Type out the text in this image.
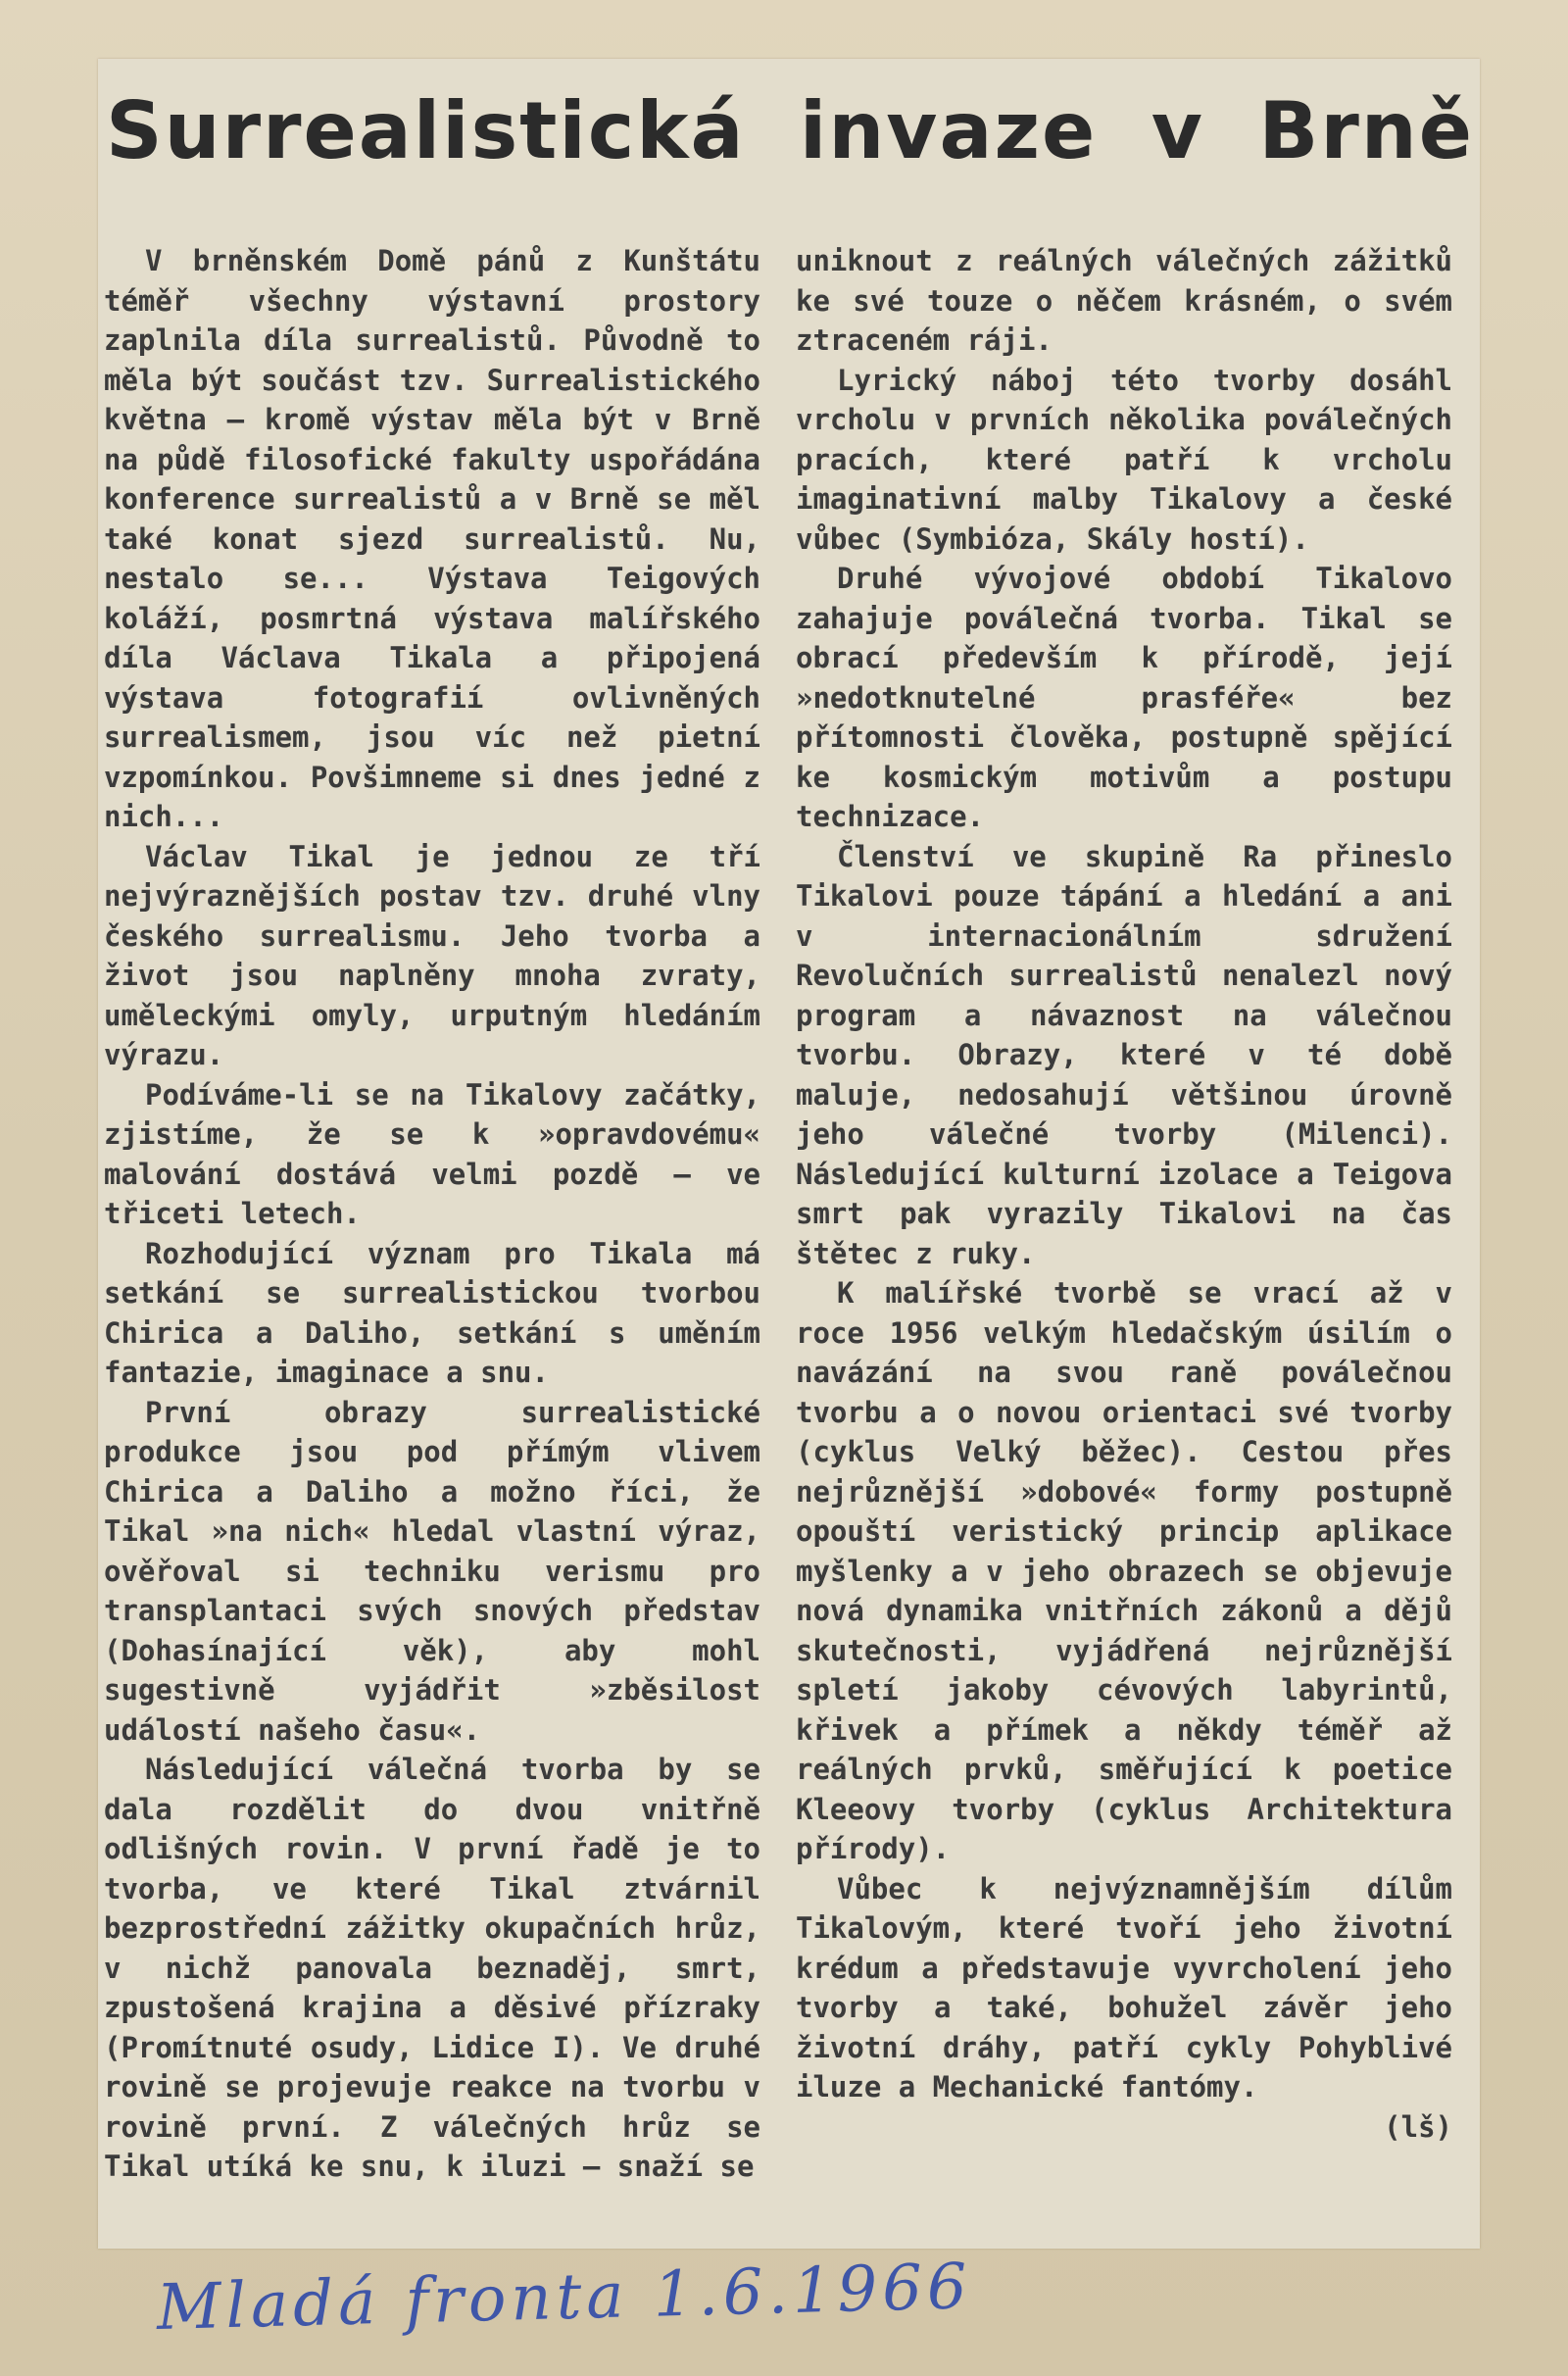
Surrealistická invaze v Brně

V brněnském Domě pánů z Kunštátu téměř všechny výstavní prostory zaplnila díla surrealistů. Původně to měla být součást tzv. Surrealistického května — kromě výstav měla být v Brně na půdě filosofické fakulty uspořádána konference surrealistů a v Brně se měl také konat sjezd surrealistů. Nu, nestalo se... Výstava Teigových koláží, posmrtná výstava malířského díla Václava Tikala a připojená výstava fotografií ovlivněných surrealismem, jsou víc než pietní vzpomínkou. Povšimneme si dnes jedné z nich...

Václav Tikal je jednou ze tří nejvýraznějších postav tzv. druhé vlny českého surrealismu. Jeho tvorba a život jsou naplněny mnoha zvraty, uměleckými omyly, urputným hledáním výrazu.

Podíváme-li se na Tikalovy začátky, zjistíme, že se k »opravdovému« malování dostává velmi pozdě — ve třiceti letech.

Rozhodující význam pro Tikala má setkání se surrealistickou tvorbou Chirica a Daliho, setkání s uměním fantazie, imaginace a snu.

První obrazy surrealistické produkce jsou pod přímým vlivem Chirica a Daliho a možno říci, že Tikal »na nich« hledal vlastní výraz, ověřoval si techniku verismu pro transplantaci svých snových představ (Dohasínající věk), aby mohl sugestivně vyjádřit »zběsilost událostí našeho času«.

Následující válečná tvorba by se dala rozdělit do dvou vnitřně odlišných rovin. V první řadě je to tvorba, ve které Tikal ztvárnil bezprostřední zážitky okupačních hrůz, v nichž panovala beznaděj, smrt, zpustošená krajina a děsivé přízraky (Promítnuté osudy, Lidice I). Ve druhé rovině se projevuje reakce na tvorbu v rovině první. Z válečných hrůz se Tikal utíká ke snu, k iluzi — snaží se

uniknout z reálných válečných zážitků ke své touze o něčem krásném, o svém ztraceném ráji.

Lyrický náboj této tvorby dosáhl vrcholu v prvních několika poválečných pracích, které patří k vrcholu imaginativní malby Tikalovy a české vůbec (Symbióza, Skály hostí).

Druhé vývojové období Tikalovo zahajuje poválečná tvorba. Tikal se obrací především k přírodě, její »nedotknutelné prasféře« bez přítomnosti člověka, postupně spějící ke kosmickým motivům a postupu technizace.

Členství ve skupině Ra přineslo Tikalovi pouze tápání a hledání a ani v internacionálním sdružení Revolučních surrealistů nenalezl nový program a návaznost na válečnou tvorbu. Obrazy, které v té době maluje, nedosahují většinou úrovně jeho válečné tvorby (Milenci). Následující kulturní izolace a Teigova smrt pak vyrazily Tikalovi na čas štětec z ruky.

K malířské tvorbě se vrací až v roce 1956 velkým hledačským úsilím o navázání na svou raně poválečnou tvorbu a o novou orientaci své tvorby (cyklus Velký běžec). Cestou přes nejrůznější »dobové« formy postupně opouští veristický princip aplikace myšlenky a v jeho obrazech se objevuje nová dynamika vnitřních zákonů a dějů skutečnosti, vyjádřená nejrůznější spletí jakoby cévových labyrintů, křivek a přímek a někdy téměř až reálných prvků, směřující k poetice Kleeovy tvorby (cyklus Architektura přírody).

Vůbec k nejvýznamnějším dílům Tikalovým, které tvoří jeho životní krédum a představuje vyvrcholení jeho tvorby a také, bohužel závěr jeho životní dráhy, patří cykly Pohyblivé iluze a Mechanické fantómy.

(lš)

Mladá fronta 1.6.1966
